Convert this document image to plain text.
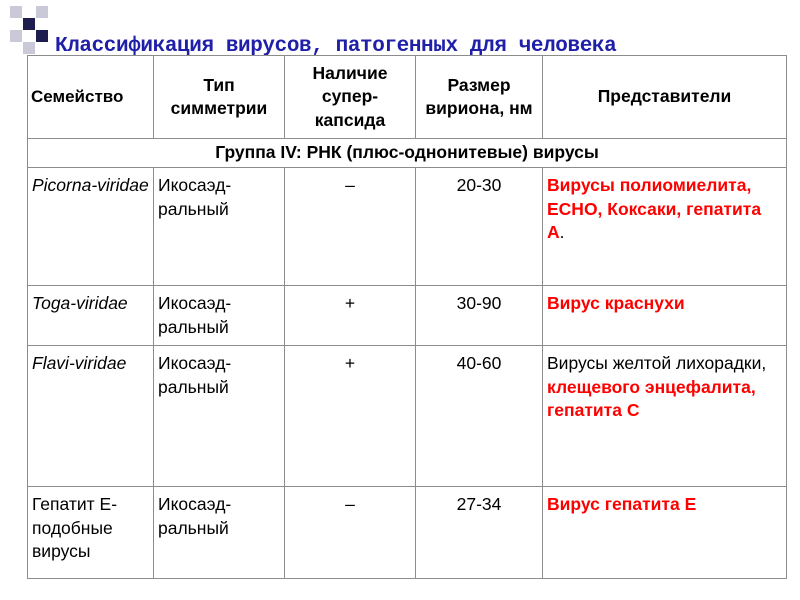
Классификация вирусов, патогенных для человека
Семейство	Тип симметрии	Наличие супер-капсида	Размер вириона, нм	Представители
Группа IV: РНК (плюс-однонитевые) вирусы				
Picorna-viridae	Икосаэд-ральный	–	20-30	Вирусы полиомиелита, ЕСНО, Коксаки, гепатита А.
Toga-viridae	Икосаэд-ральный	+	30-90	Вирус краснухи
Flavi-viridae	Икосаэд-ральный	+	40-60	Вирусы желтой лихорадки, клещевого энцефалита, гепатита С
Гепатит Е-подобные вирусы	Икосаэд-ральный	–	27-34	Вирус гепатита Е
